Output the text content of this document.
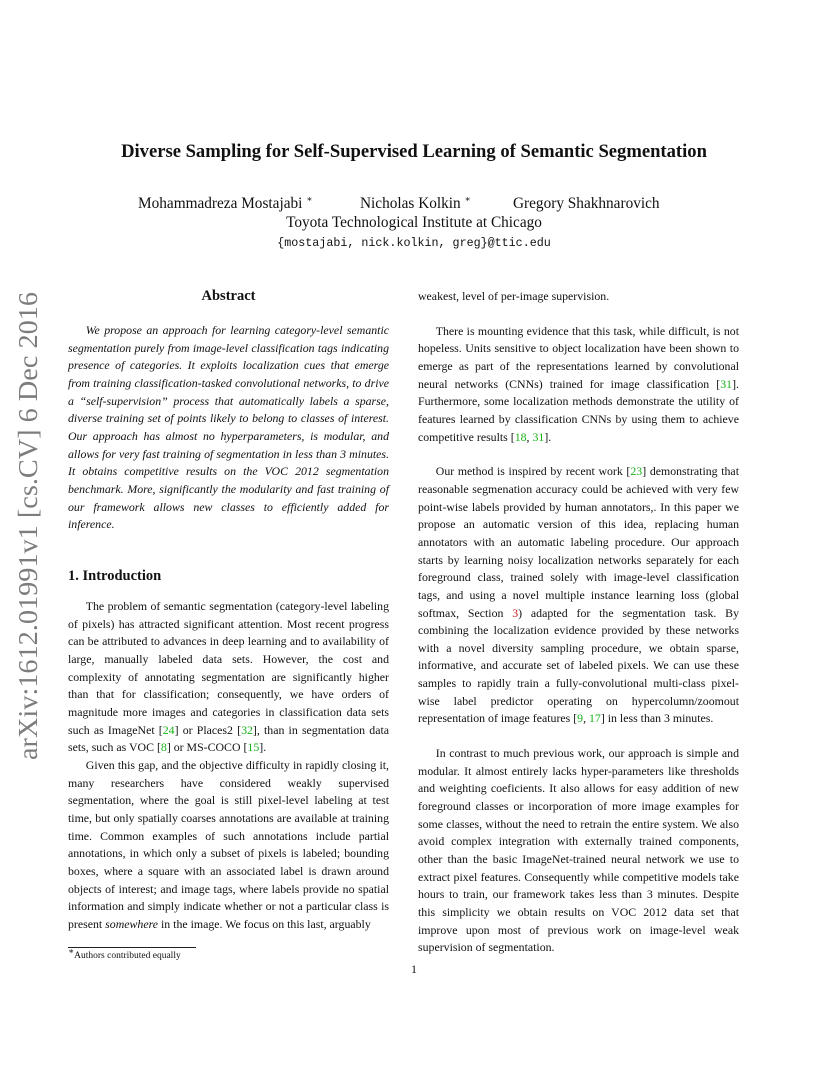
arXiv:1612.01991v1 [cs.CV] 6 Dec 2016
Diverse Sampling for Self-Supervised Learning of Semantic Segmentation
Mohammadreza Mostajabi ∗	Nicholas Kolkin ∗	Gregory Shakhnarovich
Toyota Technological Institute at Chicago
{mostajabi, nick.kolkin, greg}@ttic.edu
Abstract

We propose an approach for learning category-level semantic segmentation purely from image-level classification tags indicating presence of categories. It exploits localization cues that emerge from training classification-tasked convolutional networks, to drive a “self-supervision” process that automatically labels a sparse, diverse training set of points likely to belong to classes of interest. Our approach has almost no hyperparameters, is modular, and allows for very fast training of segmentation in less than 3 minutes. It obtains competitive results on the VOC 2012 segmentation benchmark. More, significantly the modularity and fast training of our framework allows new classes to efficiently added for inference.

1. Introduction

The problem of semantic segmentation (category-level labeling of pixels) has attracted significant attention. Most recent progress can be attributed to advances in deep learning and to availability of large, manually labeled data sets. However, the cost and complexity of annotating segmentation are significantly higher than that for classification; consequently, we have orders of magnitude more images and categories in classification data sets such as ImageNet [24] or Places2 [32], than in segmentation data sets, such as VOC [8] or MS-COCO [15].

Given this gap, and the objective difficulty in rapidly closing it, many researchers have considered weakly supervised segmentation, where the goal is still pixel-level labeling at test time, but only spatially coarses annotations are available at training time. Common examples of such annotations include partial annotations, in which only a subset of pixels is labeled; bounding boxes, where a square with an associated label is drawn around objects of interest; and image tags, where labels provide no spatial information and simply indicate whether or not a particular class is present somewhere in the image. We focus on this last, arguably

weakest, level of per-image supervision.

There is mounting evidence that this task, while difficult, is not hopeless. Units sensitive to object localization have been shown to emerge as part of the representations learned by convolutional neural networks (CNNs) trained for image classification [31]. Furthermore, some localization methods demonstrate the utility of features learned by classification CNNs by using them to achieve competitive results [18, 31].

Our method is inspired by recent work [23] demonstrating that reasonable segmenation accuracy could be achieved with very few point-wise labels provided by human annotators,. In this paper we propose an automatic version of this idea, replacing human annotators with an automatic labeling procedure. Our approach starts by learning noisy localization networks separately for each foreground class, trained solely with image-level classification tags, and using a novel multiple instance learning loss (global softmax, Section 3) adapted for the segmentation task. By combining the localization evidence provided by these networks with a novel diversity sampling procedure, we obtain sparse, informative, and accurate set of labeled pixels. We can use these samples to rapidly train a fully-convolutional multi-class pixel-wise label predictor operating on hypercolumn/zoomout representation of image features [9, 17] in less than 3 minutes.

In contrast to much previous work, our approach is simple and modular. It almost entirely lacks hyper-parameters like thresholds and weighting coeficients. It also allows for easy addition of new foreground classes or incorporation of more image examples for some classes, without the need to retrain the entire system. We also avoid complex integration with externally trained components, other than the basic ImageNet-trained neural network we use to extract pixel features. Consequently while competitive models take hours to train, our framework takes less than 3 minutes. Despite this simplicity we obtain results on VOC 2012 data set that improve upon most of previous work on image-level weak supervision of segmentation.

∗Authors contributed equally
1
